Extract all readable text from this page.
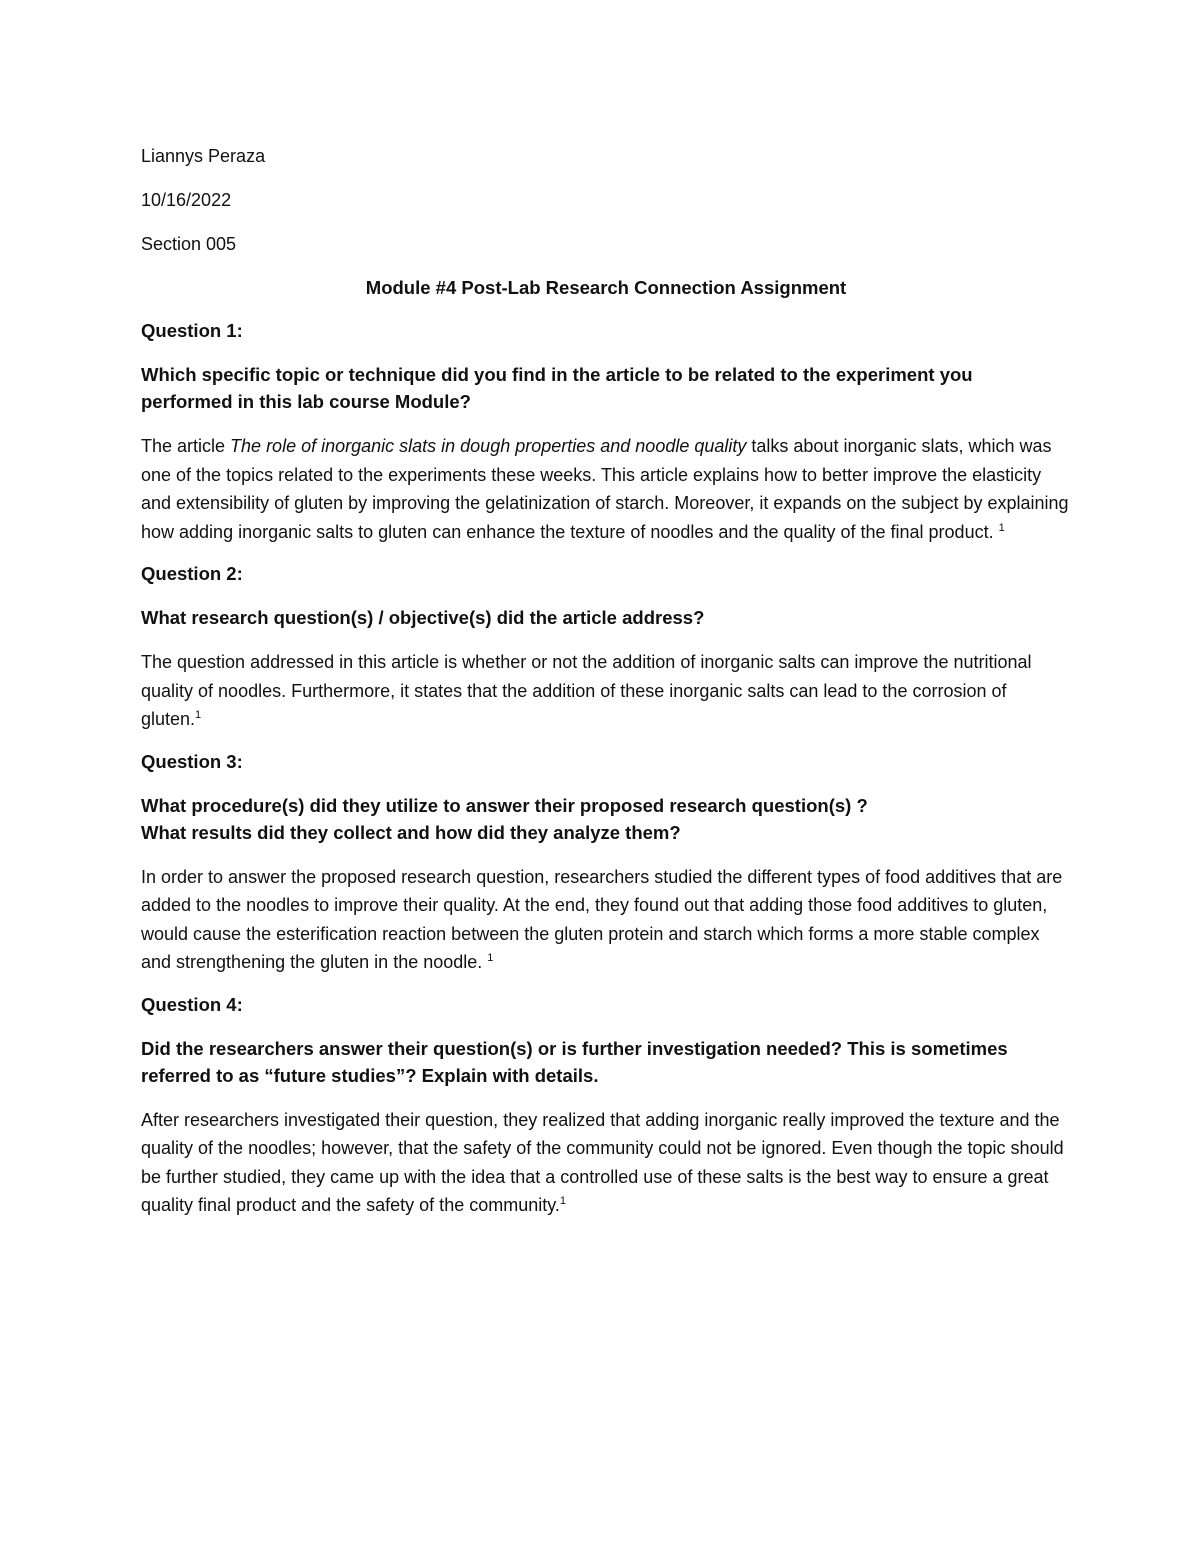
Liannys Peraza

10/16/2022

Section 005

Module #4 Post-Lab Research Connection Assignment

Question 1:

Which specific topic or technique did you find in the article to be related to the experiment you
performed in this lab course Module?

The article The role of inorganic slats in dough properties and noodle quality talks about inorganic slats, which was one of the topics related to the experiments these weeks. This article explains how to better improve the elasticity and extensibility of gluten by improving the gelatinization of starch. Moreover, it expands on the subject by explaining how adding inorganic salts to gluten can enhance the texture of noodles and the quality of the final product. $^1$

Question 2:

What research question(s) / objective(s) did the article address?

The question addressed in this article is whether or not the addition of inorganic salts can improve the nutritional quality of noodles. Furthermore, it states that the addition of these inorganic salts can lead to the corrosion of gluten.$^1$

Question 3:

What procedure(s) did they utilize to answer their proposed research question(s) ?
What results did they collect and how did they analyze them?

In order to answer the proposed research question, researchers studied the different types of food additives that are added to the noodles to improve their quality. At the end, they found out that adding those food additives to gluten, would cause the esterification reaction between the gluten protein and starch which forms a more stable complex and strengthening the gluten in the noodle. $^1$

Question 4:

Did the researchers answer their question(s) or is further investigation needed? This is sometimes
referred to as “future studies”? Explain with details.

After researchers investigated their question, they realized that adding inorganic really improved the texture and the quality of the noodles; however, that the safety of the community could not be ignored. Even though the topic should be further studied, they came up with the idea that a controlled use of these salts is the best way to ensure a great quality final product and the safety of the community.$^1$
